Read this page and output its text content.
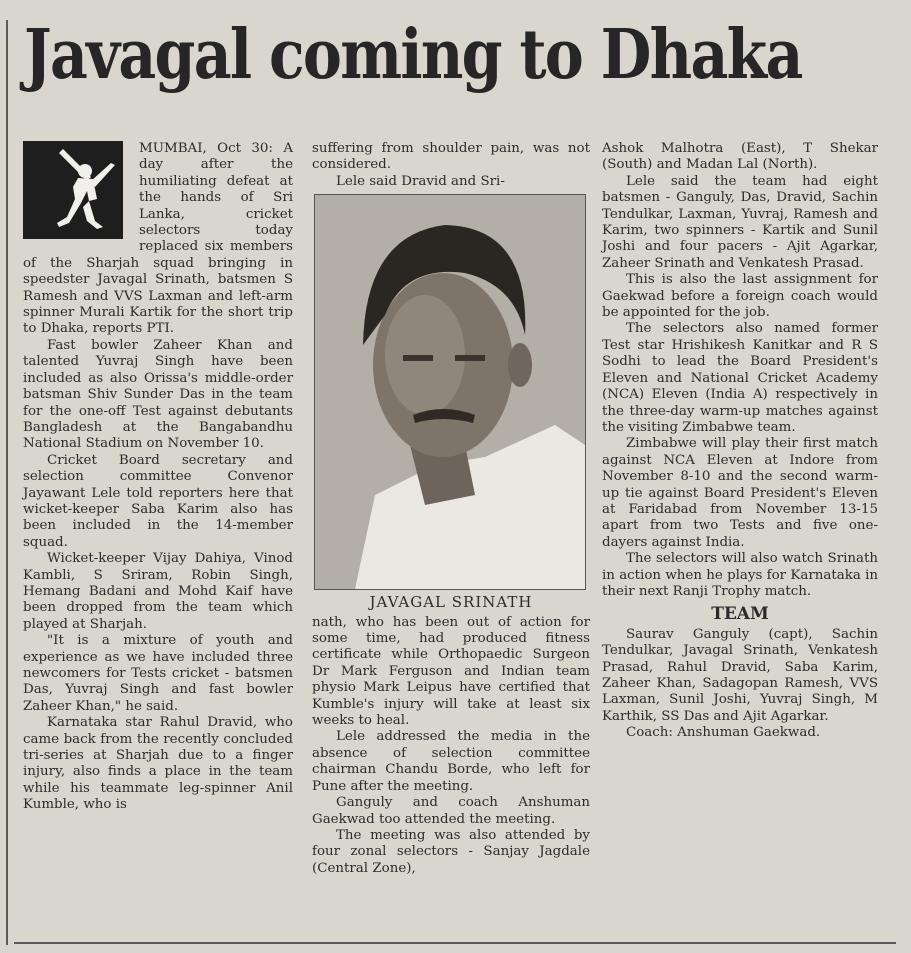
Javagal coming to Dhaka

MUMBAI, Oct 30: A day after the humiliating defeat at the hands of Sri Lanka, cricket selectors today replaced six members of the Sharjah squad bringing in speedster Javagal Srinath, batsmen S Ramesh and VVS Laxman and left-arm spinner Murali Kartik for the short trip to Dhaka, reports PTI.

Fast bowler Zaheer Khan and talented Yuvraj Singh have been included as also Orissa's middle-order batsman Shiv Sunder Das in the team for the one-off Test against debutants Bangladesh at the Bangabandhu National Stadium on November 10.

Cricket Board secretary and selection committee Convenor Jayawant Lele told reporters here that wicket-keeper Saba Karim also has been included in the 14-member squad.

Wicket-keeper Vijay Dahiya, Vinod Kambli, S Sriram, Robin Singh, Hemang Badani and Mohd Kaif have been dropped from the team which played at Sharjah.

"It is a mixture of youth and experience as we have included three newcomers for Tests cricket - batsmen Das, Yuvraj Singh and fast bowler Zaheer Khan," he said.

Karnataka star Rahul Dravid, who came back from the recently concluded tri-series at Sharjah due to a finger injury, also finds a place in the team while his teammate leg-spinner Anil Kumble, who is

suffering from shoulder pain, was not considered.

Lele said Dravid and Sri-

JAVAGAL SRINATH

nath, who has been out of action for some time, had produced fitness certificate while Orthopaedic Surgeon Dr Mark Ferguson and Indian team physio Mark Leipus have certified that Kumble's injury will take at least six weeks to heal.

Lele addressed the media in the absence of selection committee chairman Chandu Borde, who left for Pune after the meeting.

Ganguly and coach Anshuman Gaekwad too attended the meeting.

The meeting was also attended by four zonal selectors - Sanjay Jagdale (Central Zone),

Ashok Malhotra (East), T Shekar (South) and Madan Lal (North).

Lele said the team had eight batsmen - Ganguly, Das, Dravid, Sachin Tendulkar, Laxman, Yuvraj, Ramesh and Karim, two spinners - Kartik and Sunil Joshi and four pacers - Ajit Agarkar, Zaheer Srinath and Venkatesh Prasad.

This is also the last assignment for Gaekwad before a foreign coach would be appointed for the job.

The selectors also named former Test star Hrishikesh Kanitkar and R S Sodhi to lead the Board President's Eleven and National Cricket Academy (NCA) Eleven (India A) respectively in the three-day warm-up matches against the visiting Zimbabwe team.

Zimbabwe will play their first match against NCA Eleven at Indore from November 8-10 and the second warm-up tie against Board President's Eleven at Faridabad from November 13-15 apart from two Tests and five one-dayers against India.

The selectors will also watch Srinath in action when he plays for Karnataka in their next Ranji Trophy match.

TEAM

Saurav Ganguly (capt), Sachin Tendulkar, Javagal Srinath, Venkatesh Prasad, Rahul Dravid, Saba Karim, Zaheer Khan, Sadagopan Ramesh, VVS Laxman, Sunil Joshi, Yuvraj Singh, M Karthik, SS Das and Ajit Agarkar.

Coach: Anshuman Gaekwad.
